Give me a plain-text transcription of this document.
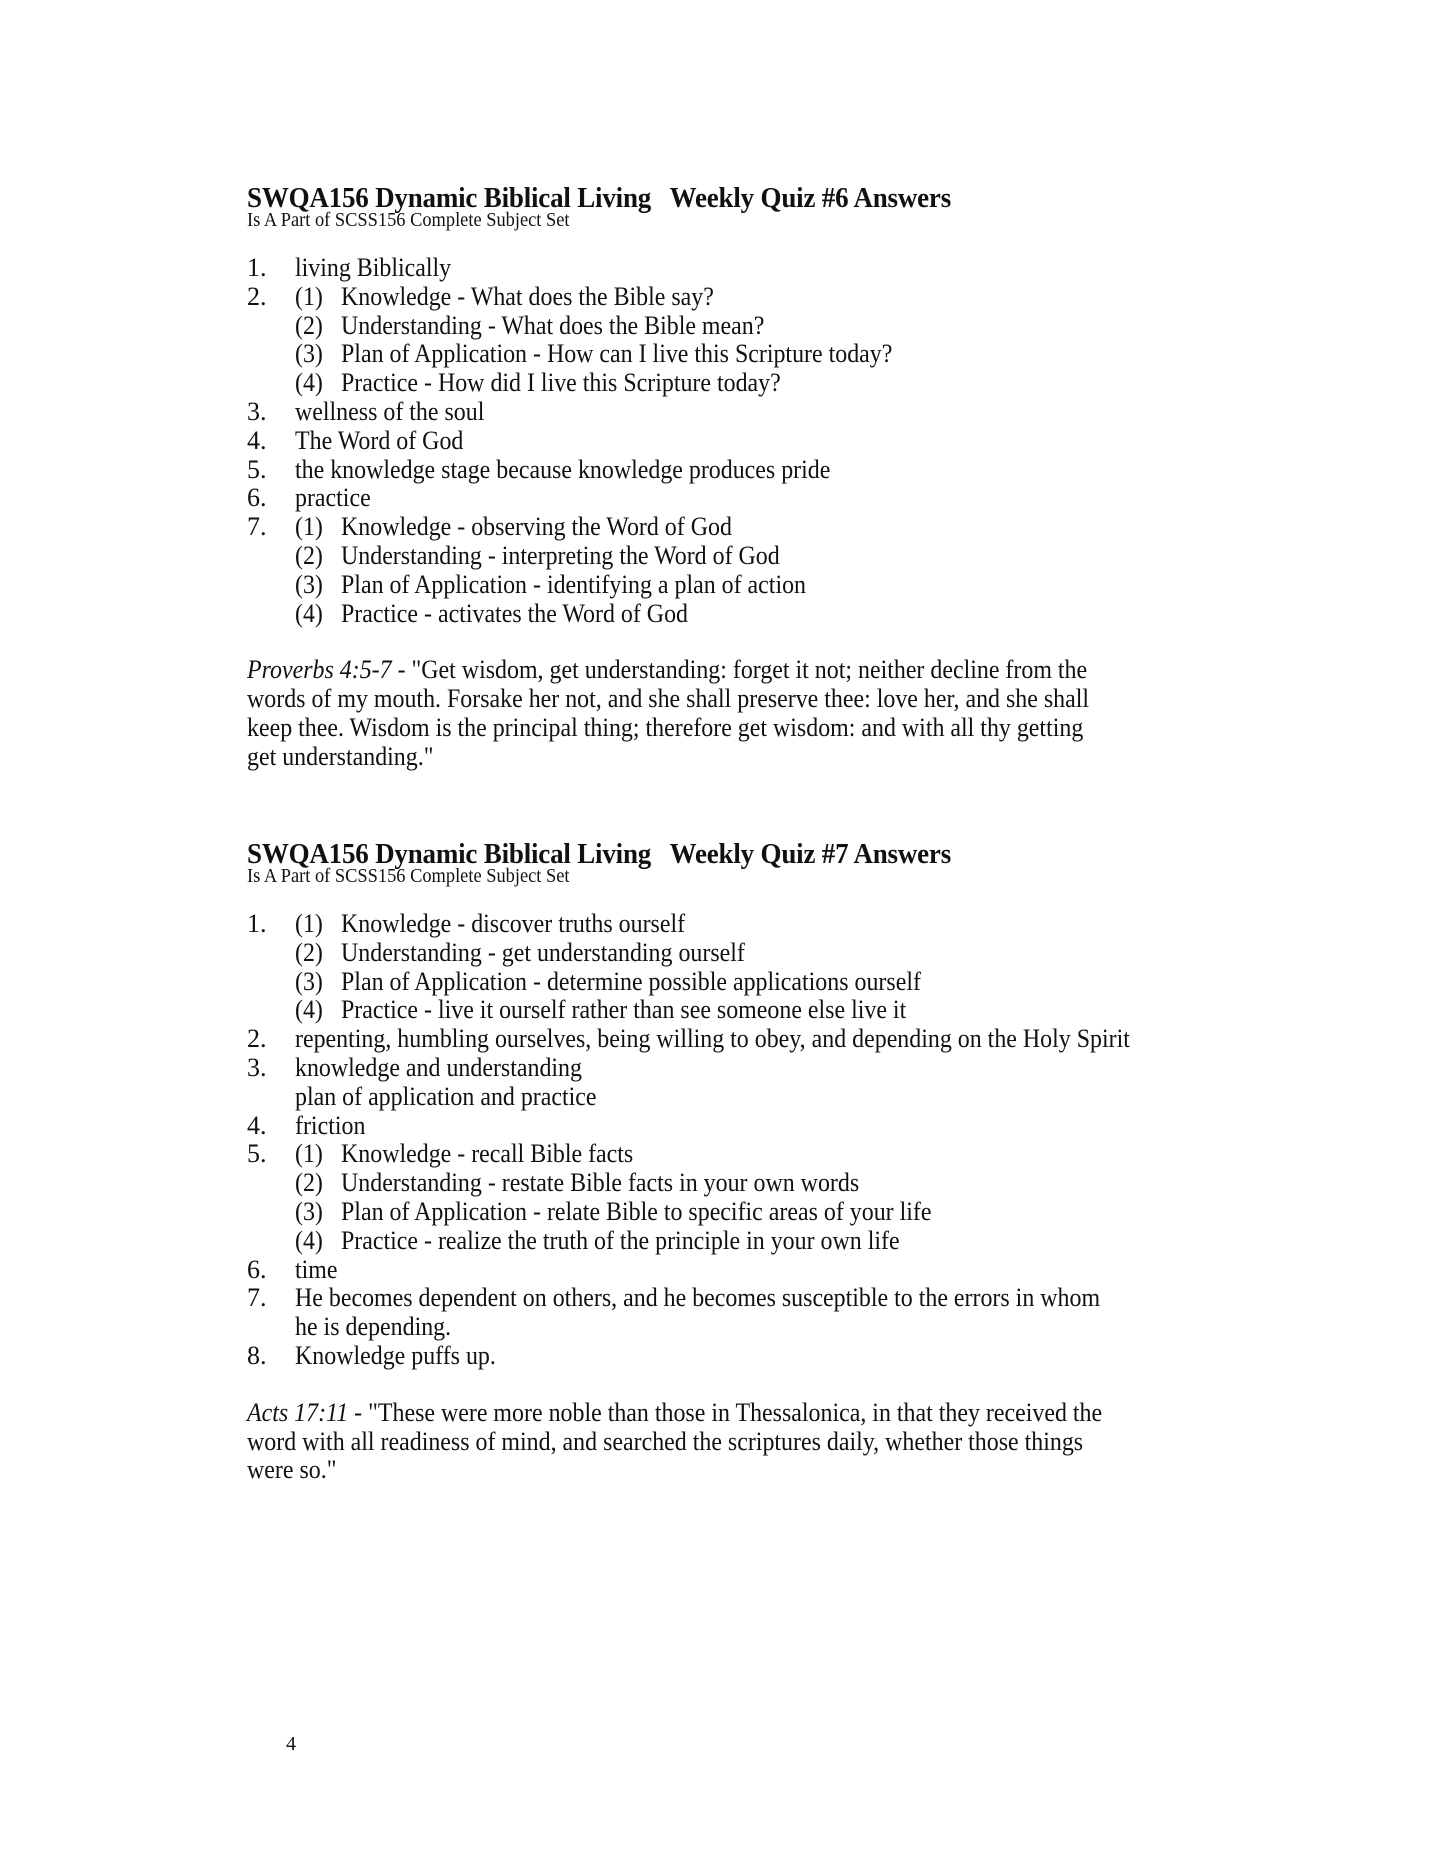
SWQA156 Dynamic Biblical Living Weekly Quiz #6 Answers
Is A Part of SCSS156 Complete Subject Set
1.	living Biblically
2.	(1) Knowledge - What does the Bible say?
(2) Understanding - What does the Bible mean?
(3) Plan of Application - How can I live this Scripture today?
(4) Practice - How did I live this Scripture today?
3.	wellness of the soul
4.	The Word of God
5.	the knowledge stage because knowledge produces pride
6.	practice
7.	(1) Knowledge - observing the Word of God
(2) Understanding - interpreting the Word of God
(3) Plan of Application - identifying a plan of action
(4) Practice - activates the Word of God
Proverbs 4:5-7 - "Get wisdom, get understanding: forget it not; neither decline from the
words of my mouth. Forsake her not, and she shall preserve thee: love her, and she shall
keep thee. Wisdom is the principal thing; therefore get wisdom: and with all thy getting
get understanding."
SWQA156 Dynamic Biblical Living Weekly Quiz #7 Answers
Is A Part of SCSS156 Complete Subject Set
1.	(1) Knowledge - discover truths ourself
(2) Understanding - get understanding ourself
(3) Plan of Application - determine possible applications ourself
(4) Practice - live it ourself rather than see someone else live it
2.	repenting, humbling ourselves, being willing to obey, and depending on the Holy Spirit
3.	knowledge and understanding
plan of application and practice
4.	friction
5.	(1) Knowledge - recall Bible facts
(2) Understanding - restate Bible facts in your own words
(3) Plan of Application - relate Bible to specific areas of your life
(4) Practice - realize the truth of the principle in your own life
6.	time
7.	He becomes dependent on others, and he becomes susceptible to the errors in whom
he is depending.
8.	Knowledge puffs up.
Acts 17:11 - "These were more noble than those in Thessalonica, in that they received the
word with all readiness of mind, and searched the scriptures daily, whether those things
were so."
4
